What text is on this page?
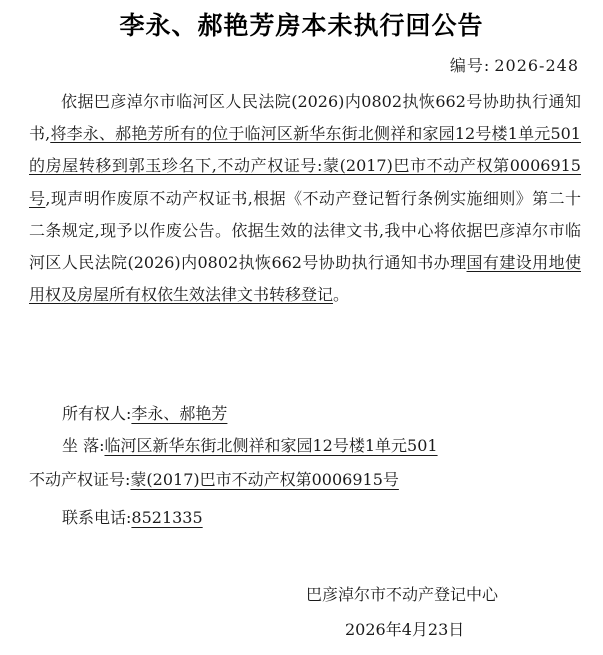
李永、郝艳芳房本未执行回公告
编号: 2026-248
依据巴彦淖尔市临河区人民法院(2026)内0802执恢662号协助执行通知书,将李永、郝艳芳所有的位于临河区新华东街北侧祥和家园12号楼1单元501的房屋转移到郭玉珍名下,不动产权证号:蒙(2017)巴市不动产权第0006915号,现声明作废原不动产权证书,根据《不动产登记暂行条例实施细则》第二十二条规定,现予以作废公告。依据生效的法律文书,我中心将依据巴彦淖尔市临河区人民法院(2026)内0802执恢662号协助执行通知书办理国有建设用地使用权及房屋所有权依生效法律文书转移登记。
所有权人:李永、郝艳芳
坐 落:临河区新华东街北侧祥和家园12号楼1单元501
不动产权证号:蒙(2017)巴市不动产权第0006915号
联系电话:8521335
巴彦淖尔市不动产登记中心
2026年4月23日
